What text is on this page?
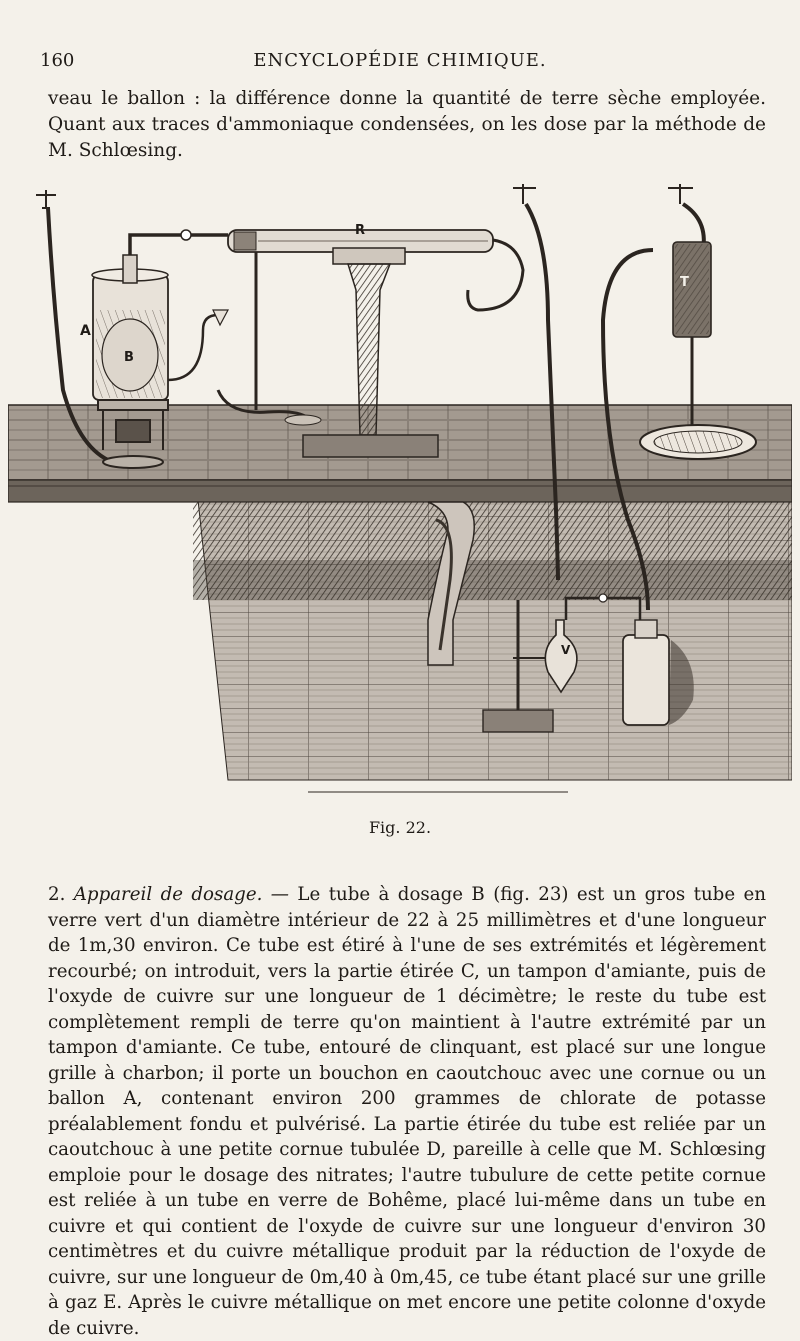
160	ENCYCLOPÉDIE CHIMIQUE.

veau le ballon : la différence donne la quantité de terre sèche employée. Quant aux traces d'ammoniaque condensées, on les dose par la méthode de M. Schlœsing.

A
B
R
S
T
V
Fig. 22.

2. Appareil de dosage. — Le tube à dosage B (fig. 23) est un gros tube en verre vert d'un diamètre intérieur de 22 à 25 millimètres et d'une longueur de 1m,30 environ. Ce tube est étiré à l'une de ses extrémités et légèrement recourbé; on introduit, vers la partie étirée C, un tampon d'amiante, puis de l'oxyde de cuivre sur une longueur de 1 décimètre; le reste du tube est complètement rempli de terre qu'on maintient à l'autre extrémité par un tampon d'amiante. Ce tube, entouré de clinquant, est placé sur une longue grille à charbon; il porte un bouchon en caoutchouc avec une cornue ou un ballon A, contenant environ 200 grammes de chlorate de potasse préalablement fondu et pulvérisé. La partie étirée du tube est reliée par un caoutchouc à une petite cornue tubulée D, pareille à celle que M. Schlœsing emploie pour le dosage des nitrates; l'autre tubulure de cette petite cornue est reliée à un tube en verre de Bohême, placé lui-même dans un tube en cuivre et qui contient de l'oxyde de cuivre sur une longueur d'environ 30 centimètres et du cuivre métallique produit par la réduction de l'oxyde de cuivre, sur une longueur de 0m,40 à 0m,45, ce tube étant placé sur une grille à gaz E. Après le cuivre métallique on met encore une petite colonne d'oxyde de cuivre.
